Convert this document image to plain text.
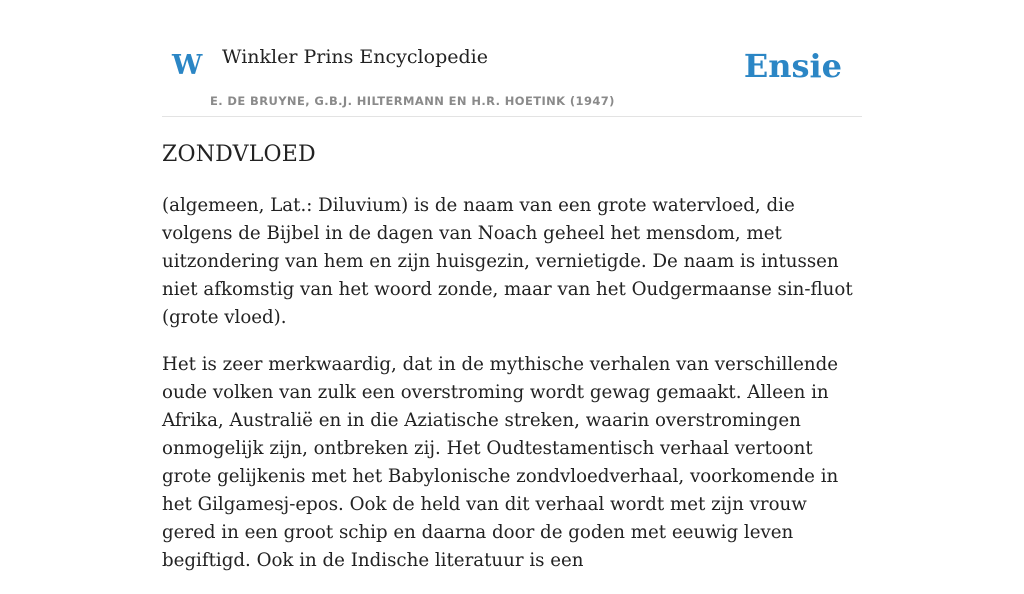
W Winkler Prins Encyclopedie
E. DE BRUYNE, G.B.J. HILTERMANN EN H.R. HOETINK (1947)
Ensie
ZONDVLOED

(algemeen, Lat.: Diluvium) is de naam van een grote watervloed, die volgens de Bijbel in de dagen van Noach geheel het mensdom, met uitzondering van hem en zijn huisgezin, vernietigde. De naam is intussen niet afkomstig van het woord zonde, maar van het Oudgermaanse sin-fluot (grote vloed).

Het is zeer merkwaardig, dat in de mythische verhalen van verschillende oude volken van zulk een overstroming wordt gewag gemaakt. Alleen in Afrika, Australië en in die Aziatische streken, waarin overstromingen onmogelijk zijn, ontbreken zij. Het Oudtestamentisch verhaal vertoont grote gelijkenis met het Babylonische zondvloedverhaal, voorkomende in het Gilgamesj-epos. Ook de held van dit verhaal wordt met zijn vrouw gered in een groot schip en daarna door de goden met eeuwig leven begiftigd. Ook in de Indische literatuur is een
